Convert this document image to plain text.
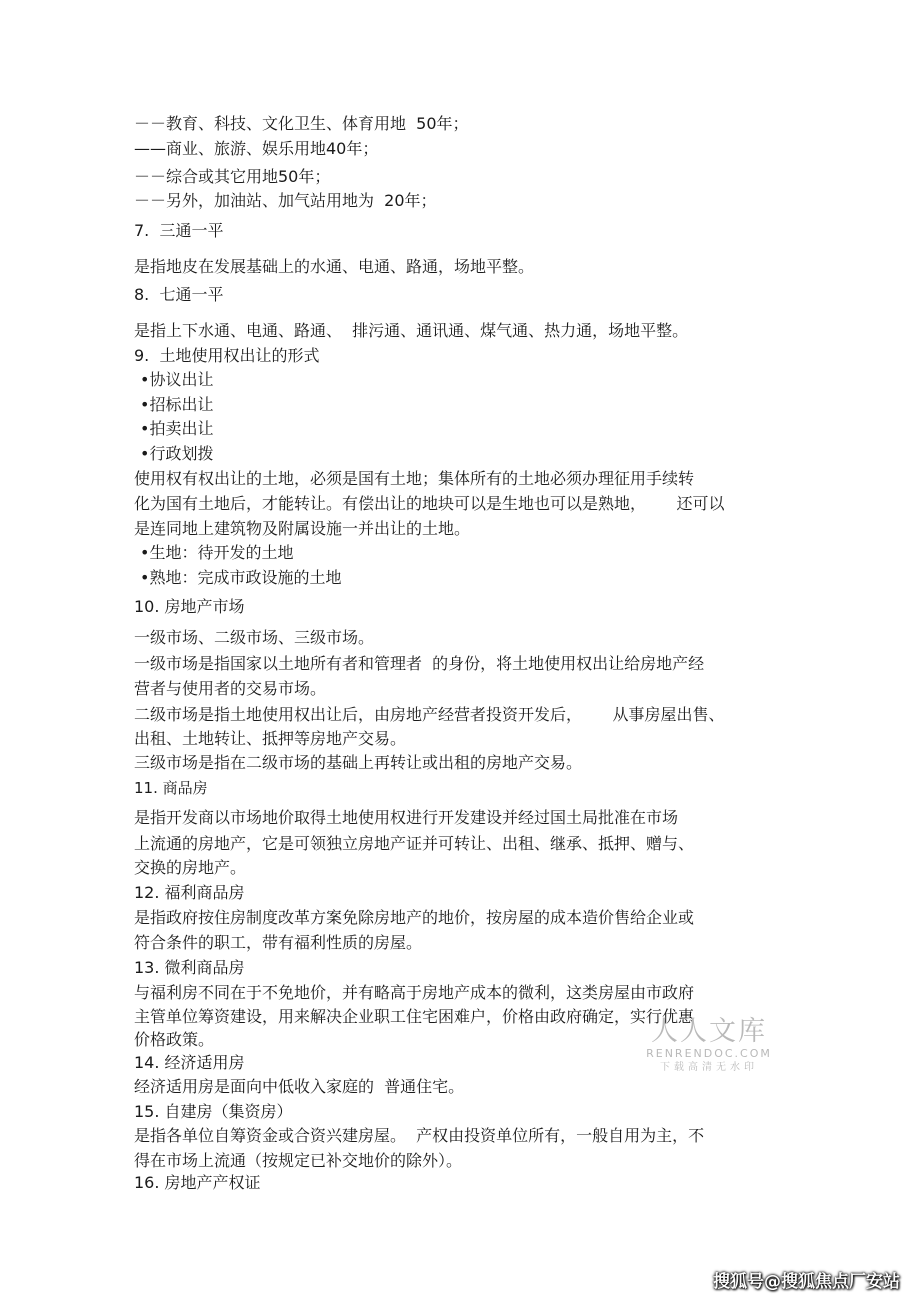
－－教育、科技、文化卫生、体育用地  50年；

——商业、旅游、娱乐用地40年；

－－综合或其它用地50年；

－－另外，加油站、加气站用地为  20年；

7.  三通一平

是指地皮在发展基础上的水通、电通、路通，场地平整。

8.  七通一平

是指上下水通、电通、路通、  排污通、通讯通、煤气通、热力通，场地平整。

9.  土地使用权出让的形式

•协议出让

•招标出让

•拍卖出让

•行政划拨

使用权有权出让的土地，必须是国有土地；集体所有的土地必须办理征用手续转

化为国有土地后，才能转让。有偿出让的地块可以是生地也可以是熟地，      还可以

是连同地上建筑物及附属设施一并出让的土地。

•生地：待开发的土地

•熟地：完成市政设施的土地

10. 房地产市场

一级市场、二级市场、三级市场。

一级市场是指国家以土地所有者和管理者  的身份，将土地使用权出让给房地产经

营者与使用者的交易市场。

二级市场是指土地使用权出让后，由房地产经营者投资开发后，      从事房屋出售、

出租、土地转让、抵押等房地产交易。

三级市场是指在二级市场的基础上再转让或出租的房地产交易。

11. 商品房

是指开发商以市场地价取得土地使用权进行开发建设并经过国土局批准在市场

上流通的房地产，它是可领独立房地产证并可转让、出租、继承、抵押、赠与、

交换的房地产。

12. 福利商品房

是指政府按住房制度改革方案免除房地产的地价，按房屋的成本造价售给企业或

符合条件的职工，带有福利性质的房屋。

13. 微利商品房

与福利房不同在于不免地价，并有略高于房地产成本的微利，这类房屋由市政府

主管单位筹资建设，用来解决企业职工住宅困难户，价格由政府确定，实行优惠

价格政策。

14. 经济适用房

经济适用房是面向中低收入家庭的  普通住宅。

15. 自建房（集资房）

是指各单位自筹资金或合资兴建房屋。  产权由投资单位所有，一般自用为主，不

得在市场上流通（按规定已补交地价的除外）。

16. 房地产产权证

人人文库
RENRENDOC.COM
下载高清无水印
搜狐号@搜狐焦点厂安站
